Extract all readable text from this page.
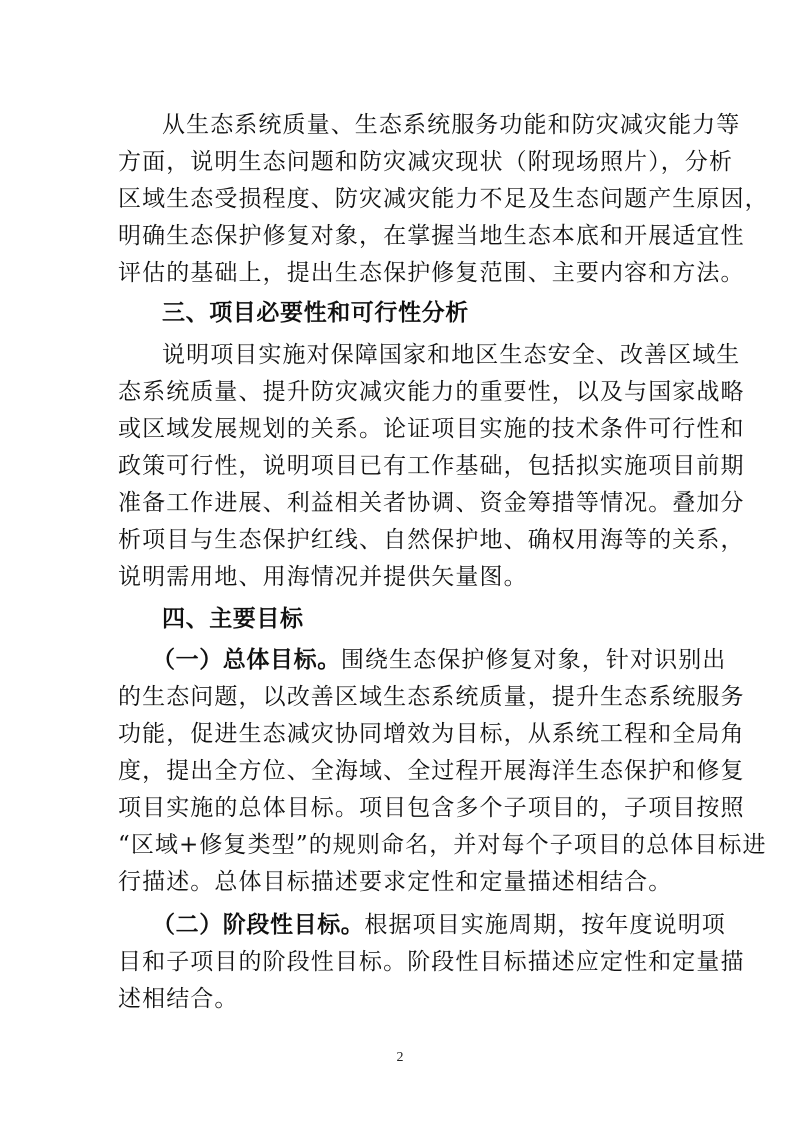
从生态系统质量、生态系统服务功能和防灾减灾能力等
方面，说明生态问题和防灾减灾现状（附现场照片），分析
区域生态受损程度、防灾减灾能力不足及生态问题产生原因，
明确生态保护修复对象，在掌握当地生态本底和开展适宜性
评估的基础上，提出生态保护修复范围、主要内容和方法。
三、项目必要性和可行性分析
说明项目实施对保障国家和地区生态安全、改善区域生
态系统质量、提升防灾减灾能力的重要性，以及与国家战略
或区域发展规划的关系。论证项目实施的技术条件可行性和
政策可行性，说明项目已有工作基础，包括拟实施项目前期
准备工作进展、利益相关者协调、资金筹措等情况。叠加分
析项目与生态保护红线、自然保护地、确权用海等的关系，
说明需用地、用海情况并提供矢量图。
四、主要目标
（一）总体目标。围绕生态保护修复对象，针对识别出
的生态问题，以改善区域生态系统质量，提升生态系统服务
功能，促进生态减灾协同增效为目标，从系统工程和全局角
度，提出全方位、全海域、全过程开展海洋生态保护和修复
项目实施的总体目标。项目包含多个子项目的，子项目按照
“区域+修复类型”的规则命名，并对每个子项目的总体目标进
行描述。总体目标描述要求定性和定量描述相结合。
（二）阶段性目标。根据项目实施周期，按年度说明项
目和子项目的阶段性目标。阶段性目标描述应定性和定量描
述相结合。
2
